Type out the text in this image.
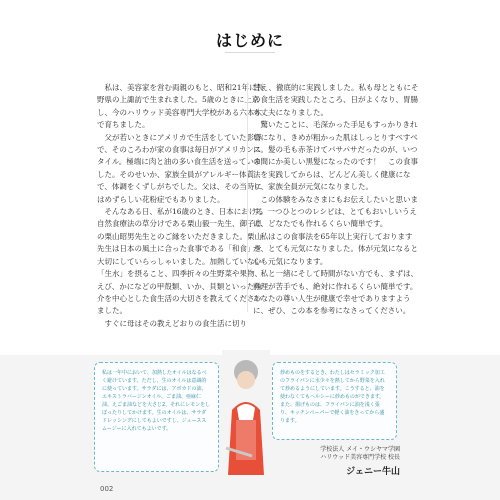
はじめに

　私は、美容家を営む両親のもと、昭和21年に長野県の上諏訪で生まれました。5歳のときに上京し、今のハリウッド美容専門大学校がある六本木で育ちました。

　父が若いときにアメリカで生活をしていた影響で、そのころわが家の食事は毎日がアメリカンスタイル。極端に肉と油の多い食生活を送っていました。そのせいか、家族全員がアレルギー体質で、体調をくずしがちでした。父は、その当時にはめずらしい花粉症でもありました。

　そんなある日、私が16歳のとき、日本における自然食療法の草分けである栗山毅一先生、御子息の栗山昭男先生とのご縁をいただきました。栗山先生は日本の風土に合った食事である「和食」を大切にしていらっしゃいました。加熱していない「生水」を摂ること、四季折々の生野菜や果物、えび、かになどの甲殻類、いか、貝類といった魚介を中心とした食生活の大切さを教えてくださいました。

　すぐに母はその教えどおりの食生活に切り

替え、徹底的に実践しました。私も母とともにその食生活を実践したところ、日がよくなり、胃腸も丈夫になりました。

　驚いたことに、毛深かった手足もすっかりきれいになり、きめが粗かった肌はしっとりすべすべに。髪の毛も赤茶けてパサパサだったのが、いつの間にか美しい黒髪になったのです！　この食事法を実践してからは、どんどん美しく健康になり、家族全員が元気になりました。

　この体験をみなさまにもお伝えしたいと思います。一つひとつのレシピは、とてもおいしいうえに、どなたでも作れるくらい簡単です。

　私はこの食事法を65年以上実行しておりますが、とても元気になりました。体が元気になると心も元気になります。

　私と一緒にそして時間がない方でも、まずは、料理が苦手でも、絶対に作れるくらい簡単です。あなたの尊い人生が健康で幸せでありますように、ぜひ、この本を参考になさってください。

私は一年中において、加熱したオイルはなるべく避けています。ただし、生のオイルは意識的に使っています。サラダには、アボカドの油、エキストラバージンオイル、ごま油、亜麻仁油、えごま油などを大さじ2、それにレモンをしぼったりしてかけます。生のオイルは、サラダドレッシングにしてもよいですし、ジューススムージーに入れてもよいです。
炒めものをするとき、わたしはセラミック加工のフライパンに水少々を熱してから野菜を入れて炒めるようにしています。こうすると、油を使わなくてもヘルシーに炒めものができます。また、揚げものは、フライパンに油を浅く張り、キッチンペーパーで軽く油をきってから盛ります。
学校法人 メイ・ウシヤマ学園
ハリウッド美容専門学校 校長
ジェニー牛山
002
